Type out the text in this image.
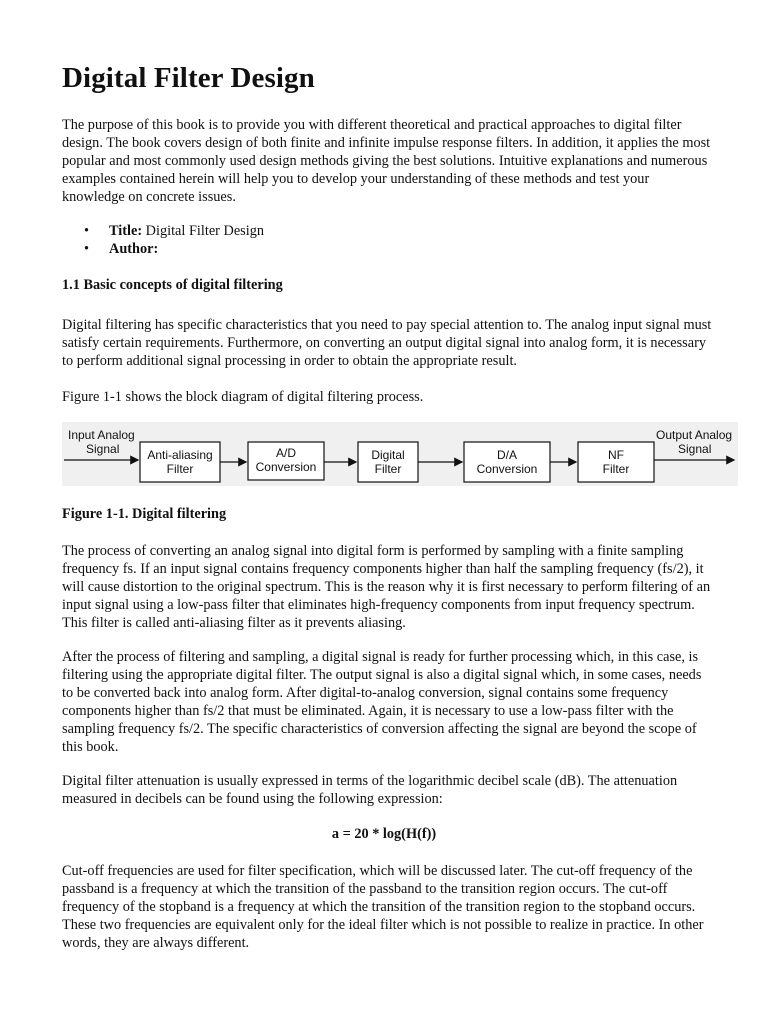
Digital Filter Design

The purpose of this book is to provide you with different theoretical and practical approaches to digital filter design. The book covers design of both finite and infinite impulse response filters. In addition, it applies the most popular and most commonly used design methods giving the best solutions. Intuitive explanations and numerous examples contained herein will help you to develop your understanding of these methods and test your knowledge on concrete issues.

• Title: Digital Filter Design
• Author:

1.1 Basic concepts of digital filtering

Digital filtering has specific characteristics that you need to pay special attention to. The analog input signal must satisfy certain requirements. Furthermore, on converting an output digital signal into analog form, it is necessary to perform additional signal processing in order to obtain the appropriate result.

Figure 1-1 shows the block diagram of digital filtering process.

Input Analog
Signal Anti-aliasing
Filter
A/D
Conversion
Digital
Filter
D/A
Conversion
NF
Filter
Output Analog
Signal

Figure 1-1. Digital filtering

The process of converting an analog signal into digital form is performed by sampling with a finite sampling frequency fs. If an input signal contains frequency components higher than half the sampling frequency (fs/2), it will cause distortion to the original spectrum. This is the reason why it is first necessary to perform filtering of an input signal using a low-pass filter that eliminates high-frequency components from input frequency spectrum. This filter is called anti-aliasing filter as it prevents aliasing.

After the process of filtering and sampling, a digital signal is ready for further processing which, in this case, is filtering using the appropriate digital filter. The output signal is also a digital signal which, in some cases, needs to be converted back into analog form. After digital-to-analog conversion, signal contains some frequency components higher than fs/2 that must be eliminated. Again, it is necessary to use a low-pass filter with the sampling frequency fs/2. The specific characteristics of conversion affecting the signal are beyond the scope of this book.

Digital filter attenuation is usually expressed in terms of the logarithmic decibel scale (dB). The attenuation measured in decibels can be found using the following expression:

a = 20 * log(H(f))

Cut-off frequencies are used for filter specification, which will be discussed later. The cut-off frequency of the passband is a frequency at which the transition of the passband to the transition region occurs. The cut-off frequency of the stopband is a frequency at which the transition of the transition region to the stopband occurs. These two frequencies are equivalent only for the ideal filter which is not possible to realize in practice. In other words, they are always different.
